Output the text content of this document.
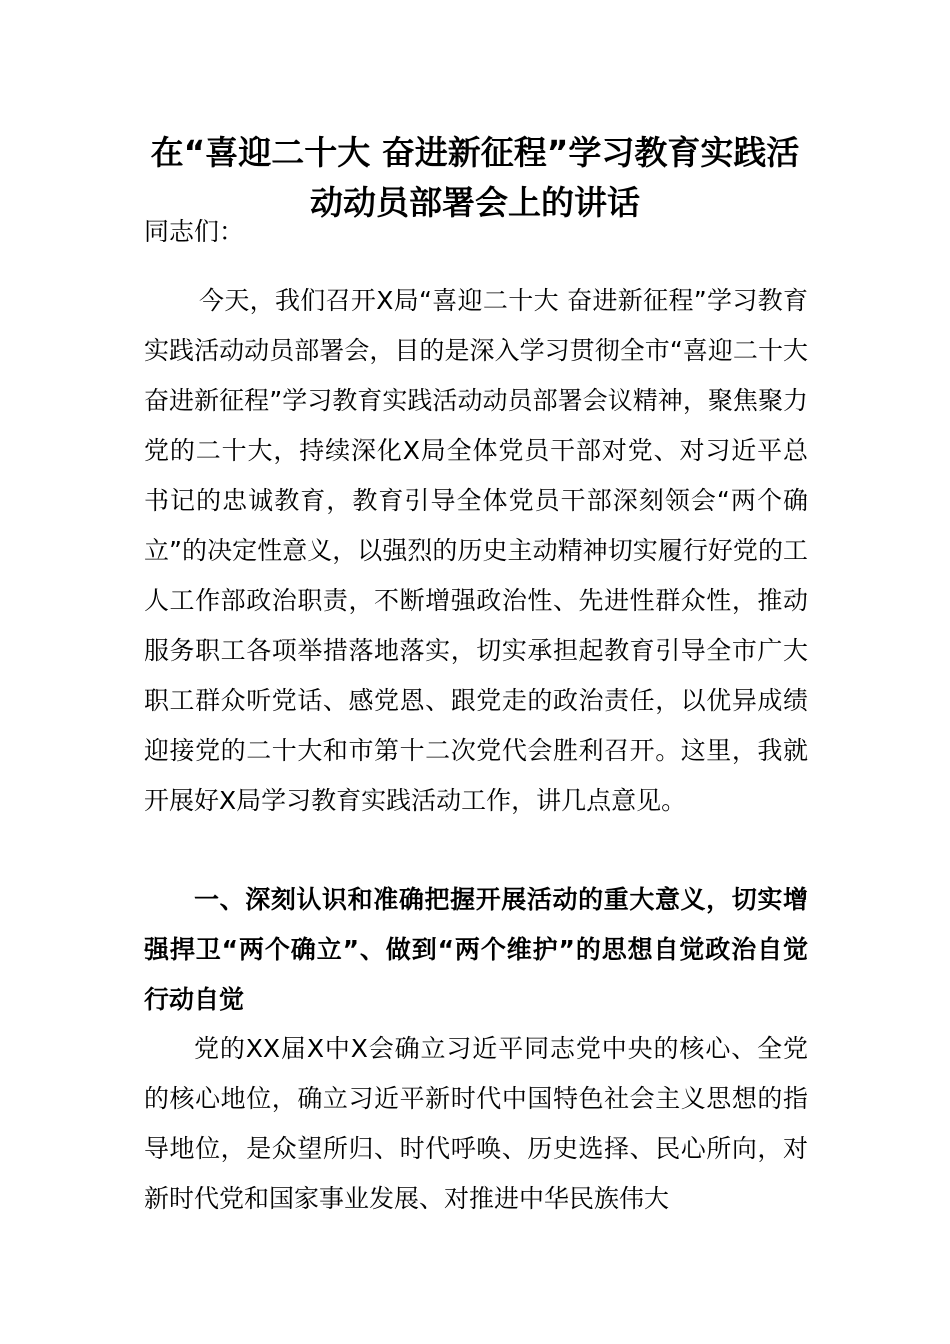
在“喜迎二十大 奋进新征程”学习教育实践活动动员部署会上的讲话

同志们：

今天，我们召开X局“喜迎二十大 奋进新征程”学习教育实践活动动员部署会，目的是深入学习贯彻全市“喜迎二十大 奋进新征程”学习教育实践活动动员部署会议精神，聚焦聚力党的二十大，持续深化X局全体党员干部对党、对习近平总书记的忠诚教育，教育引导全体党员干部深刻领会“两个确立”的决定性意义，以强烈的历史主动精神切实履行好党的工人工作部政治职责，不断增强政治性、先进性群众性，推动服务职工各项举措落地落实，切实承担起教育引导全市广大职工群众听党话、感党恩、跟党走的政治责任，以优异成绩迎接党的二十大和市第十二次党代会胜利召开。这里，我就开展好X局学习教育实践活动工作，讲几点意见。

一、深刻认识和准确把握开展活动的重大意义，切实增强捍卫“两个确立”、做到“两个维护”的思想自觉政治自觉行动自觉

党的XX届X中X会确立习近平同志党中央的核心、全党的核心地位，确立习近平新时代中国特色社会主义思想的指导地位，是众望所归、时代呼唤、历史选择、民心所向，对新时代党和国家事业发展、对推进中华民族伟大
